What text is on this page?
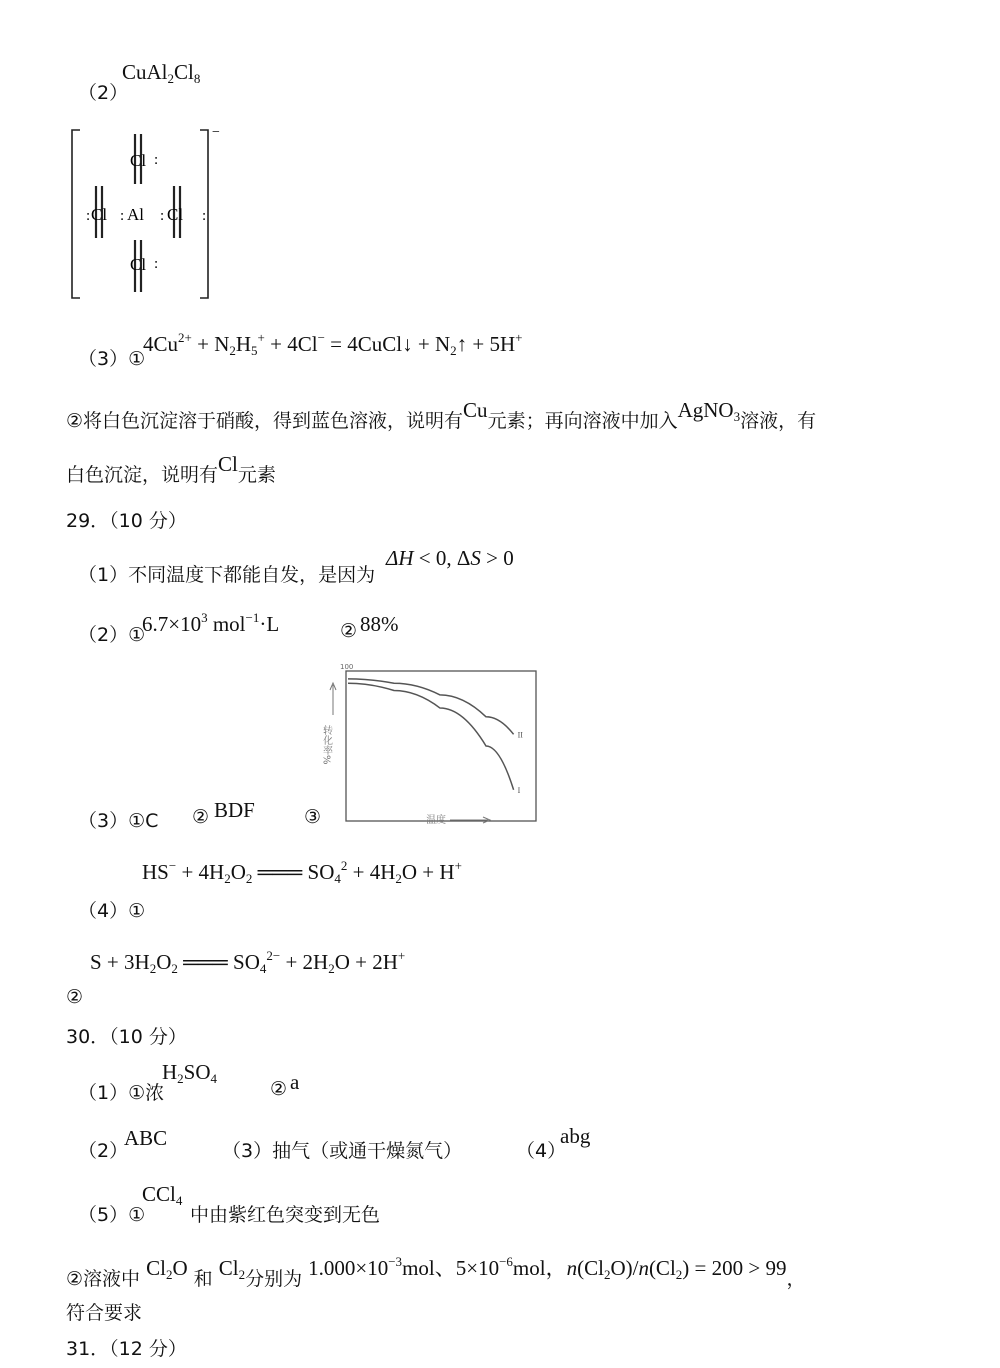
（2）
$CuAl_2Cl_8$
−
Cl :
: Cl : Al : Cl :
Cl :
（3）①
$4Cu^{2+} + N_2H_5^+ + 4Cl^-$ = 4CuCl↓ + $N_2↑ + 5H^+$
②将白色沉淀溶于硝酸，得到蓝色溶液，说明有Cu元素；再向溶液中加入AgNO$_3$溶液，有
白色沉淀，说明有Cl元素
29．（10 分）
（1）不同温度下都能自发，是因为
ΔH < 0, ΔS > 0
（2）①
$6.7\times 10^3$ mol$^{-1}$·L	② 88%
100
转化率%
温度
II
I
（3）①C ② BDF	③
$HS^- + 4H_2O_2$ ═══ $SO_4^2 + 4H_2O + H^+$
（4）①
$S + 3H_2O_2$ ═══ $SO_4^{2-} + 2H_2O + 2H^+$
②
30．（10 分）
（1）①浓
$H_2SO_4$	② a
（2）
ABC
（3）抽气（或通干燥氮气）	（4）
abg
（5）①
CCl$_4$
中由紫红色突变到无色
②溶液中 $Cl_2O$ 和 $Cl_2$分别为 $1.000\times 10^{-3}mol$、$5\times 10^{-6}mol$，$n(Cl_2O)/n(Cl_2) = 200 > 99$，
符合要求
31．（12 分）
